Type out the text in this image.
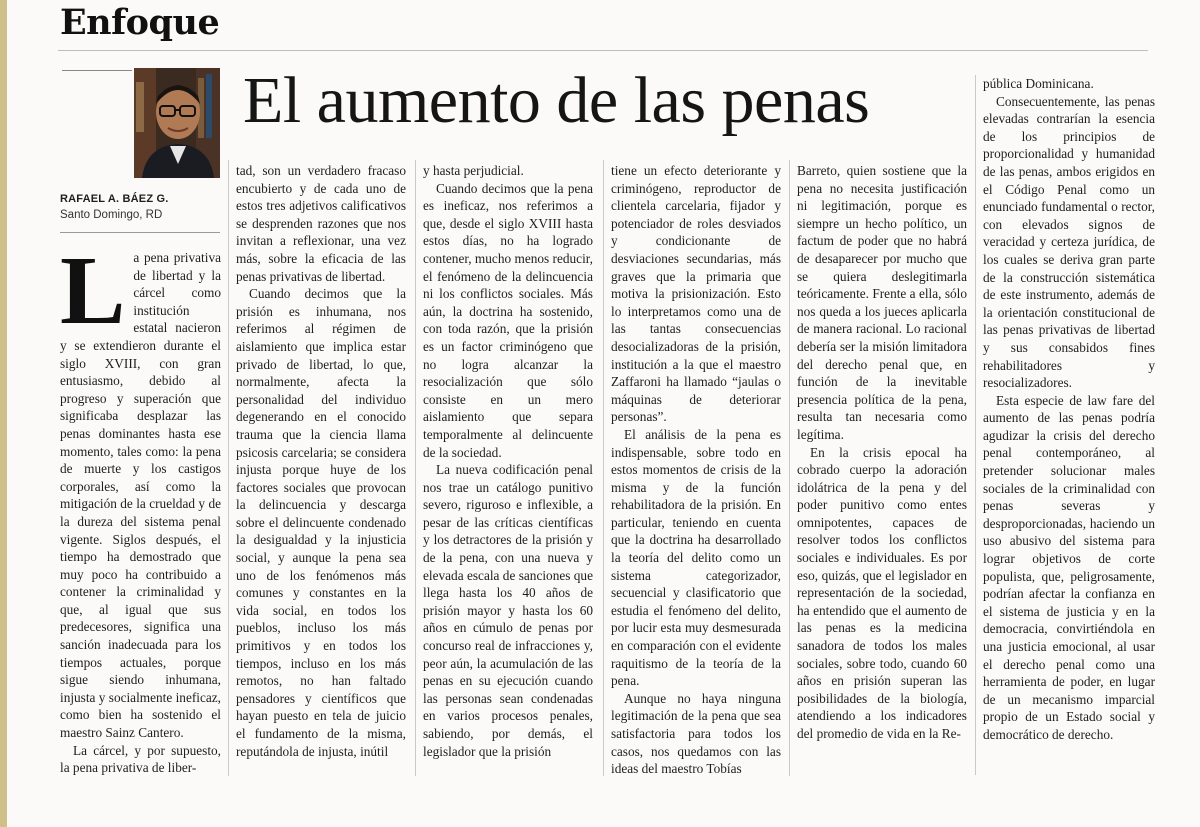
Enfoque
El aumento de las penas
RAFAEL A. BÁEZ G.
Santo Domingo, RD

La pena privativa de libertad y la cárcel como institución estatal nacieron y se extendieron durante el siglo XVIII, con gran entusiasmo, debido al progreso y superación que significaba desplazar las penas dominantes hasta ese momento, tales como: la pena de muerte y los castigos corporales, así como la mitigación de la crueldad y de la dureza del sistema penal vigente. Siglos después, el tiempo ha demostrado que muy poco ha contribuido a contener la criminalidad y que, al igual que sus predecesores, significa una sanción inadecuada para los tiempos actuales, porque sigue siendo inhumana, injusta y socialmente ineficaz, como bien ha sostenido el maestro Sainz Cantero.

La cárcel, y por supuesto, la pena privativa de liber-

tad, son un verdadero fracaso encubierto y de cada uno de estos tres adjetivos calificativos se desprenden razones que nos invitan a reflexionar, una vez más, sobre la eficacia de las penas privativas de libertad.

Cuando decimos que la prisión es inhumana, nos referimos al régimen de aislamiento que implica estar privado de libertad, lo que, normalmente, afecta la personalidad del individuo degenerando en el conocido trauma que la ciencia llama psicosis carcelaria; se considera injusta porque huye de los factores sociales que provocan la delincuencia y descarga sobre el delincuente condenado la desigualdad y la injusticia social, y aunque la pena sea uno de los fenómenos más comunes y constantes en la vida social, en todos los pueblos, incluso los más primitivos y en todos los tiempos, incluso en los más remotos, no han faltado pensadores y científicos que hayan puesto en tela de juicio el fundamento de la misma, reputándola de injusta, inútil

y hasta perjudicial.

Cuando decimos que la pena es ineficaz, nos referimos a que, desde el siglo XVIII hasta estos días, no ha logrado contener, mucho menos reducir, el fenómeno de la delincuencia ni los conflictos sociales. Más aún, la doctrina ha sostenido, con toda razón, que la prisión es un factor criminógeno que no logra alcanzar la resocialización que sólo consiste en un mero aislamiento que separa temporalmente al delincuente de la sociedad.

La nueva codificación penal nos trae un catálogo punitivo severo, riguroso e inflexible, a pesar de las críticas científicas y los detractores de la prisión y de la pena, con una nueva y elevada escala de sanciones que llega hasta los 40 años de prisión mayor y hasta los 60 años en cúmulo de penas por concurso real de infracciones y, peor aún, la acumulación de las penas en su ejecución cuando las personas sean condenadas en varios procesos penales, sabiendo, por demás, el legislador que la prisión

tiene un efecto deteriorante y criminógeno, reproductor de clientela carcelaria, fijador y potenciador de roles desviados y condicionante de desviaciones secundarias, más graves que la primaria que motiva la prisionización. Esto lo interpretamos como una de las tantas consecuencias desocializadoras de la prisión, institución a la que el maestro Zaffaroni ha llamado “jaulas o máquinas de deteriorar personas”.

El análisis de la pena es indispensable, sobre todo en estos momentos de crisis de la misma y de la función rehabilitadora de la prisión. En particular, teniendo en cuenta que la doctrina ha desarrollado la teoría del delito como un sistema categorizador, secuencial y clasificatorio que estudia el fenómeno del delito, por lucir esta muy desmesurada en comparación con el evidente raquitismo de la teoría de la pena.

Aunque no haya ninguna legitimación de la pena que sea satisfactoria para todos los casos, nos quedamos con las ideas del maestro Tobías

Barreto, quien sostiene que la pena no necesita justificación ni legitimación, porque es siempre un hecho político, un factum de poder que no habrá de desaparecer por mucho que se quiera deslegitimarla teóricamente. Frente a ella, sólo nos queda a los jueces aplicarla de manera racional. Lo racional debería ser la misión limitadora del derecho penal que, en función de la inevitable presencia política de la pena, resulta tan necesaria como legítima.

En la crisis epocal ha cobrado cuerpo la adoración idolátrica de la pena y del poder punitivo como entes omnipotentes, capaces de resolver todos los conflictos sociales e individuales. Es por eso, quizás, que el legislador en representación de la sociedad, ha entendido que el aumento de las penas es la medicina sanadora de todos los males sociales, sobre todo, cuando 60 años en prisión superan las posibilidades de la biología, atendiendo a los indicadores del promedio de vida en la Re-

pública Dominicana.

Consecuentemente, las penas elevadas contrarían la esencia de los principios de proporcionalidad y humanidad de las penas, ambos erigidos en el Código Penal como un enunciado fundamental o rector, con elevados signos de veracidad y certeza jurídica, de los cuales se deriva gran parte de la construcción sistemática de este instrumento, además de la orientación constitucional de las penas privativas de libertad y sus consabidos fines rehabilitadores y resocializadores.

Esta especie de law fare del aumento de las penas podría agudizar la crisis del derecho penal contemporáneo, al pretender solucionar males sociales de la criminalidad con penas severas y desproporcionadas, haciendo un uso abusivo del sistema para lograr objetivos de corte populista, que, peligrosamente, podrían afectar la confianza en el sistema de justicia y en la democracia, convirtiéndola en una justicia emocional, al usar el derecho penal como una herramienta de poder, en lugar de un mecanismo imparcial propio de un Estado social y democrático de derecho.
